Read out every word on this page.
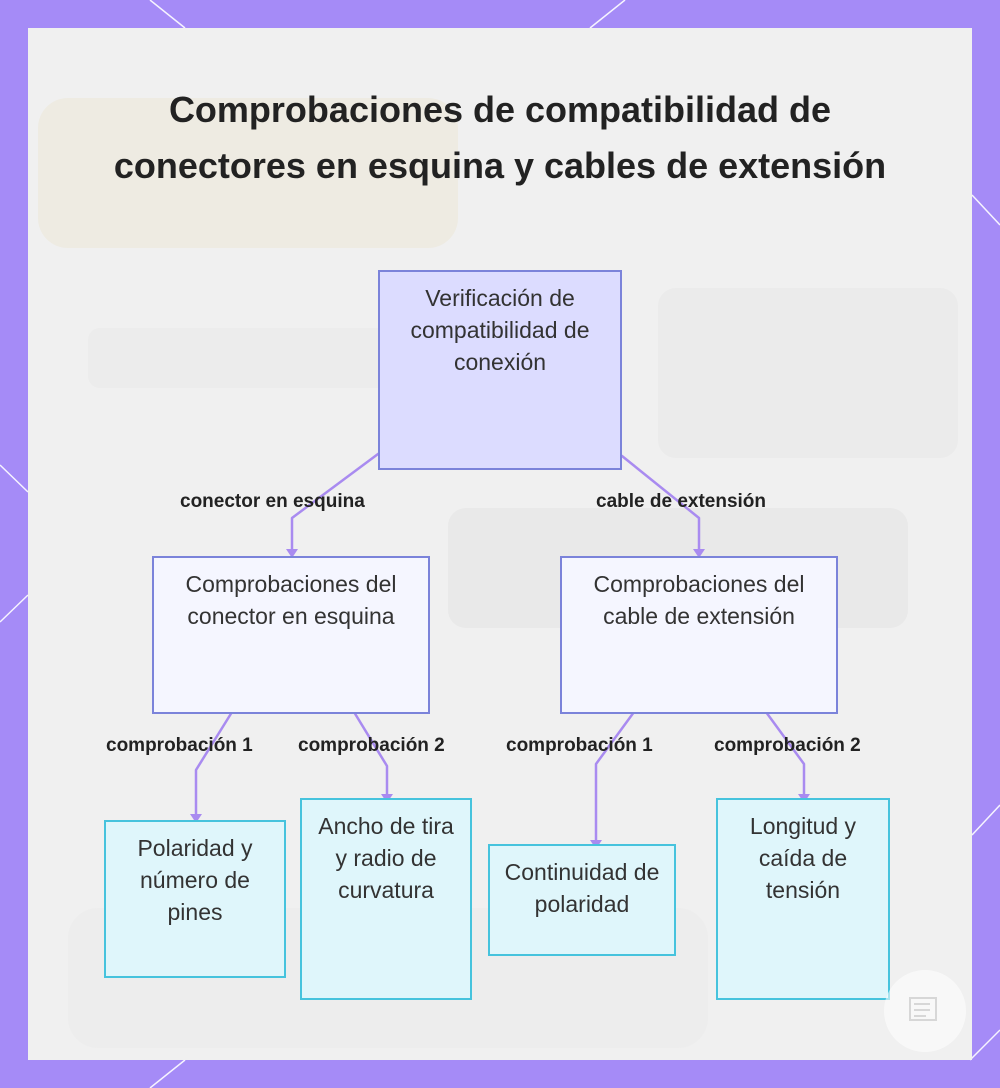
Comprobaciones de compatibilidad de conectores en esquina y cables de extensión
Verificación de compatibilidad de conexión
Comprobaciones del conector en esquina
Comprobaciones del cable de extensión
Polaridad y número de pines
Ancho de tira y radio de curvatura
Continuidad de polaridad
Longitud y caída de tensión
conector en esquina	cable de extensión
comprobación 1 comprobación 2	comprobación 1	comprobación 2
